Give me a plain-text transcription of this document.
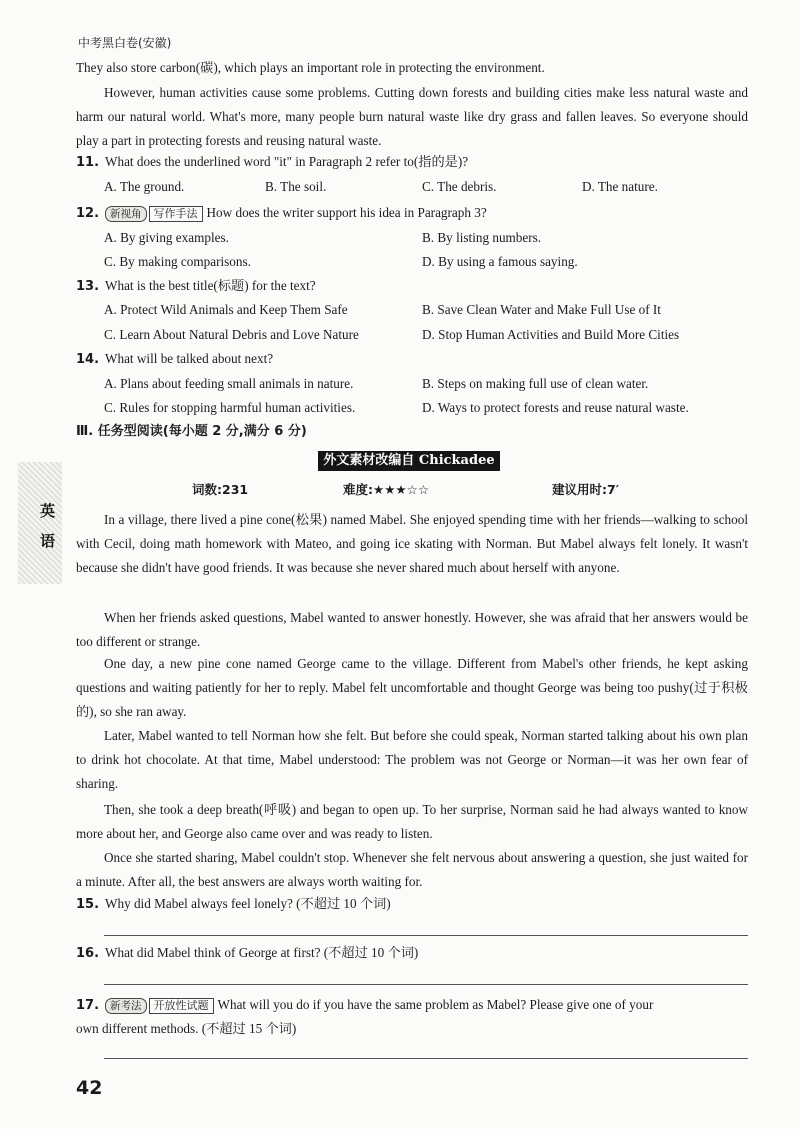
中考黑白卷(安徽)
They also store carbon(碳), which plays an important role in protecting the environment.
However, human activities cause some problems. Cutting down forests and building cities make less natural waste and harm our natural world. What's more, many people burn natural waste like dry grass and fallen leaves. So everyone should play a part in protecting forests and reusing natural waste.
11. What does the underlined word "it" in Paragraph 2 refer to(指的是)?
A. The ground.	B. The soil.	C. The debris.	D. The nature.
12. 新视角 写作手法 How does the writer support his idea in Paragraph 3?
A. By giving examples.	B. By listing numbers.
C. By making comparisons.	D. By using a famous saying.
13. What is the best title(标题) for the text?
A. Protect Wild Animals and Keep Them Safe	B. Save Clean Water and Make Full Use of It
C. Learn About Natural Debris and Love Nature	D. Stop Human Activities and Build More Cities
14. What will be talked about next?
A. Plans about feeding small animals in nature.	B. Steps on making full use of clean water.
C. Rules for stopping harmful human activities.	D. Ways to protect forests and reuse natural waste.
Ⅲ. 任务型阅读(每小题 2 分,满分 6 分)
外文素材改编自 Chickadee
词数:231	难度:★★★☆☆	建议用时:7′
英
语
In a village, there lived a pine cone(松果) named Mabel. She enjoyed spending time with her friends—walking to school with Cecil, doing math homework with Mateo, and going ice skating with Norman. But Mabel always felt lonely. It wasn't because she didn't have good friends. It was because she never shared much about herself with anyone.
When her friends asked questions, Mabel wanted to answer honestly. However, she was afraid that her answers would be too different or strange.
One day, a new pine cone named George came to the village. Different from Mabel's other friends, he kept asking questions and waiting patiently for her to reply. Mabel felt uncomfortable and thought George was being too pushy(过于积极的), so she ran away.
Later, Mabel wanted to tell Norman how she felt. But before she could speak, Norman started talking about his own plan to drink hot chocolate. At that time, Mabel understood: The problem was not George or Norman—it was her own fear of sharing.
Then, she took a deep breath(呼吸) and began to open up. To her surprise, Norman said he had always wanted to know more about her, and George also came over and was ready to listen.
Once she started sharing, Mabel couldn't stop. Whenever she felt nervous about answering a question, she just waited for a minute. After all, the best answers are always worth waiting for.
15. Why did Mabel always feel lonely? (不超过 10 个词)
16. What did Mabel think of George at first? (不超过 10 个词)
17. 新考法 开放性试题 What will you do if you have the same problem as Mabel? Please give one of your
own different methods. (不超过 15 个词)
42
